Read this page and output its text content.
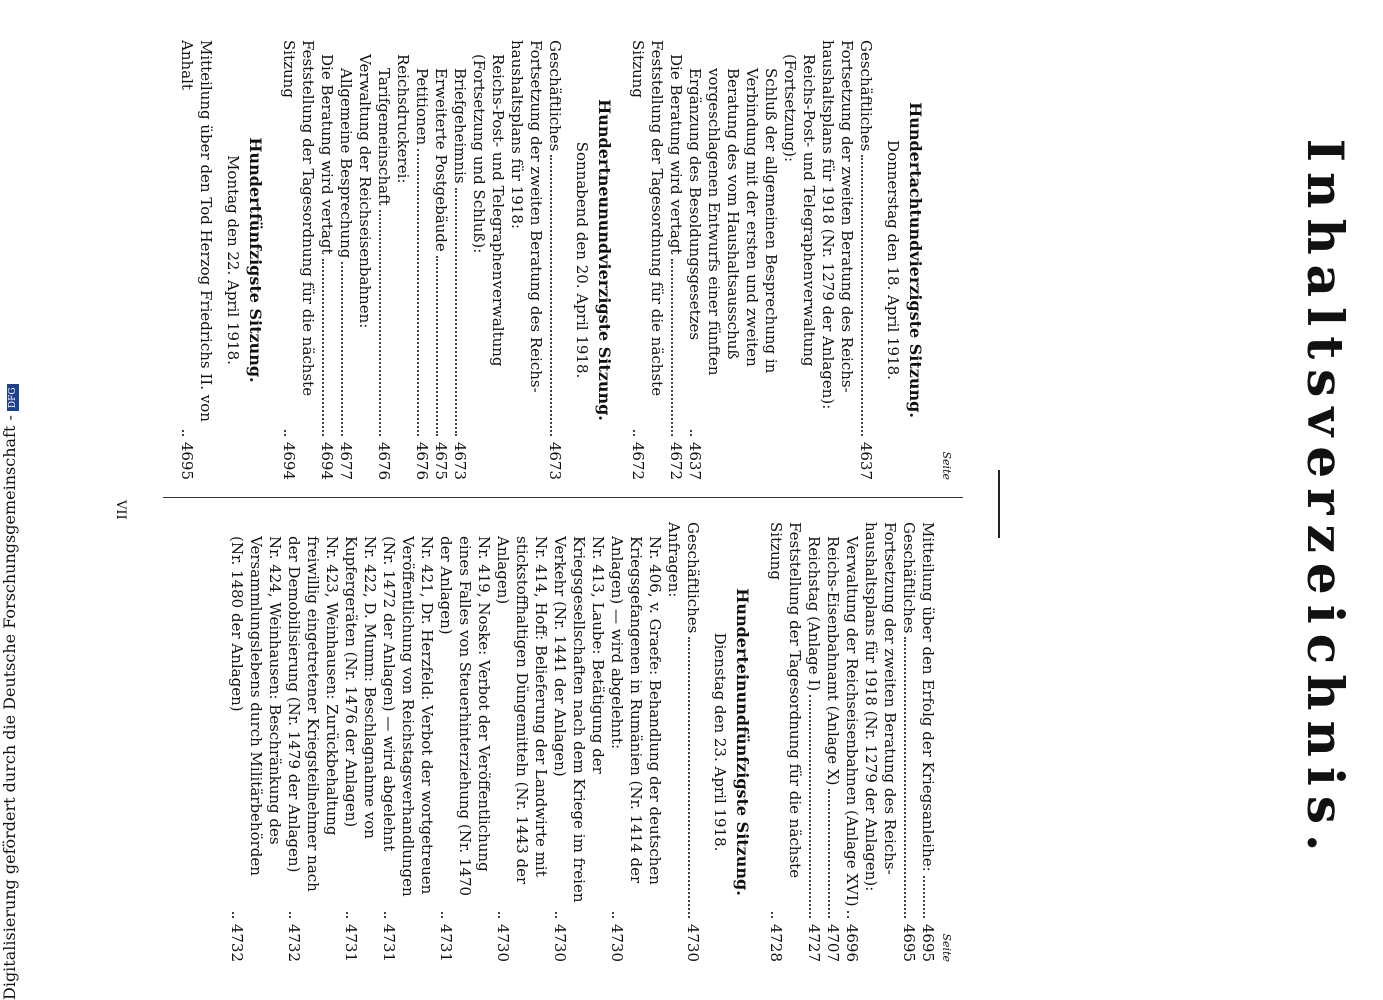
Inhaltsverzeichnis.
Seite
Hundertachtundvierzigste Sitzung.
Donnerstag den 18. April 1918.
Geschäftliches
4637
Fortsetzung der zweiten Beratung des Reichs-haushaltsplans für 1918 (Nr. 1279 der Anlagen):
Reichs-Post- und Telegraphenverwaltung (Fortsetzung):
Schluß der allgemeinen Besprechung in Verbindung mit der ersten und zweiten Beratung des vom Haushaltsausschuß vorgeschlagenen Entwurfs einer fünften Ergänzung des Besoldungsgesetzes
4637
Die Beratung wird vertagt
4672
Feststellung der Tagesordnung für die nächste Sitzung
4672
Hundertneunundvierzigste Sitzung.
Sonnabend den 20. April 1918.
Geschäftliches
4673
Fortsetzung der zweiten Beratung des Reichs-haushaltsplans für 1918:
Reichs-Post- und Telegraphenverwaltung (Fortsetzung und Schluß):
Briefgeheimnis
4673
Erweiterte Postgebäude
4675
Petitionen
4676
Reichsdruckerei:
Tarifgemeinschaft
4676
Verwaltung der Reichseisenbahnen:
Allgemeine Besprechung
4677
Die Beratung wird vertagt
4694
Feststellung der Tagesordnung für die nächste Sitzung
4694
Hundertfünfzigste Sitzung.
Montag den 22. April 1918.
Mitteilung über den Tod Herzog Friedrichs II. von Anhalt
4695
Seite
Mitteilung über den Erfolg der Kriegsanleihe:
4695
Geschäftliches
4695
Fortsetzung der zweiten Beratung des Reichs-haushaltsplans für 1918 (Nr. 1279 der Anlagen):
Verwaltung der Reichseisenbahnen (Anlage XVI)
4696
Reichs-Eisenbahnamt (Anlage X)
4707
Reichstag (Anlage I)
4727
Feststellung der Tagesordnung für die nächste Sitzung
4728
Hunderteinundfünfzigste Sitzung.
Dienstag den 23. April 1918.
Geschäftliches
4730
Anfragen:
Nr. 406, v. Graefe: Behandlung der deutschen Kriegsgefangenen in Rumänien (Nr. 1414 der Anlagen) — wird abgelehnt:
4730
Nr. 413, Laube: Betätigung der Kriegsgesellschaften nach dem Kriege im freien Verkehr (Nr. 1441 der Anlagen)
4730
Nr. 414, Hoff: Belieferung der Landwirte mit stickstoffhaltigen Düngemitteln (Nr. 1443 der Anlagen)
4730
Nr. 419, Noske: Verbot der Veröffentlichung eines Falles von Steuerhinterziehung (Nr. 1470 der Anlagen)
4731
Nr. 421, Dr. Herzfeld: Verbot der wortgetreuen Veröffentlichung von Reichstagsverhandlungen (Nr. 1472 der Anlagen) — wird abgelehnt
4731
Nr. 422, D. Mumm: Beschlagnahme von Kupfergeräten (Nr. 1476 der Anlagen)
4731
Nr. 423, Weinhausen: Zurückbehaltung freiwillig eingetretener Kriegsteilnehmer nach der Demobilisierung (Nr. 1479 der Anlagen)
4732
Nr. 424, Weinhausen: Beschränkung des Versammlungslebens durch Militärbehörden (Nr. 1480 der Anlagen)
4732
VII
Digitalisierung gefördert durch die Deutsche Forschungsgemeinschaft -DFG
